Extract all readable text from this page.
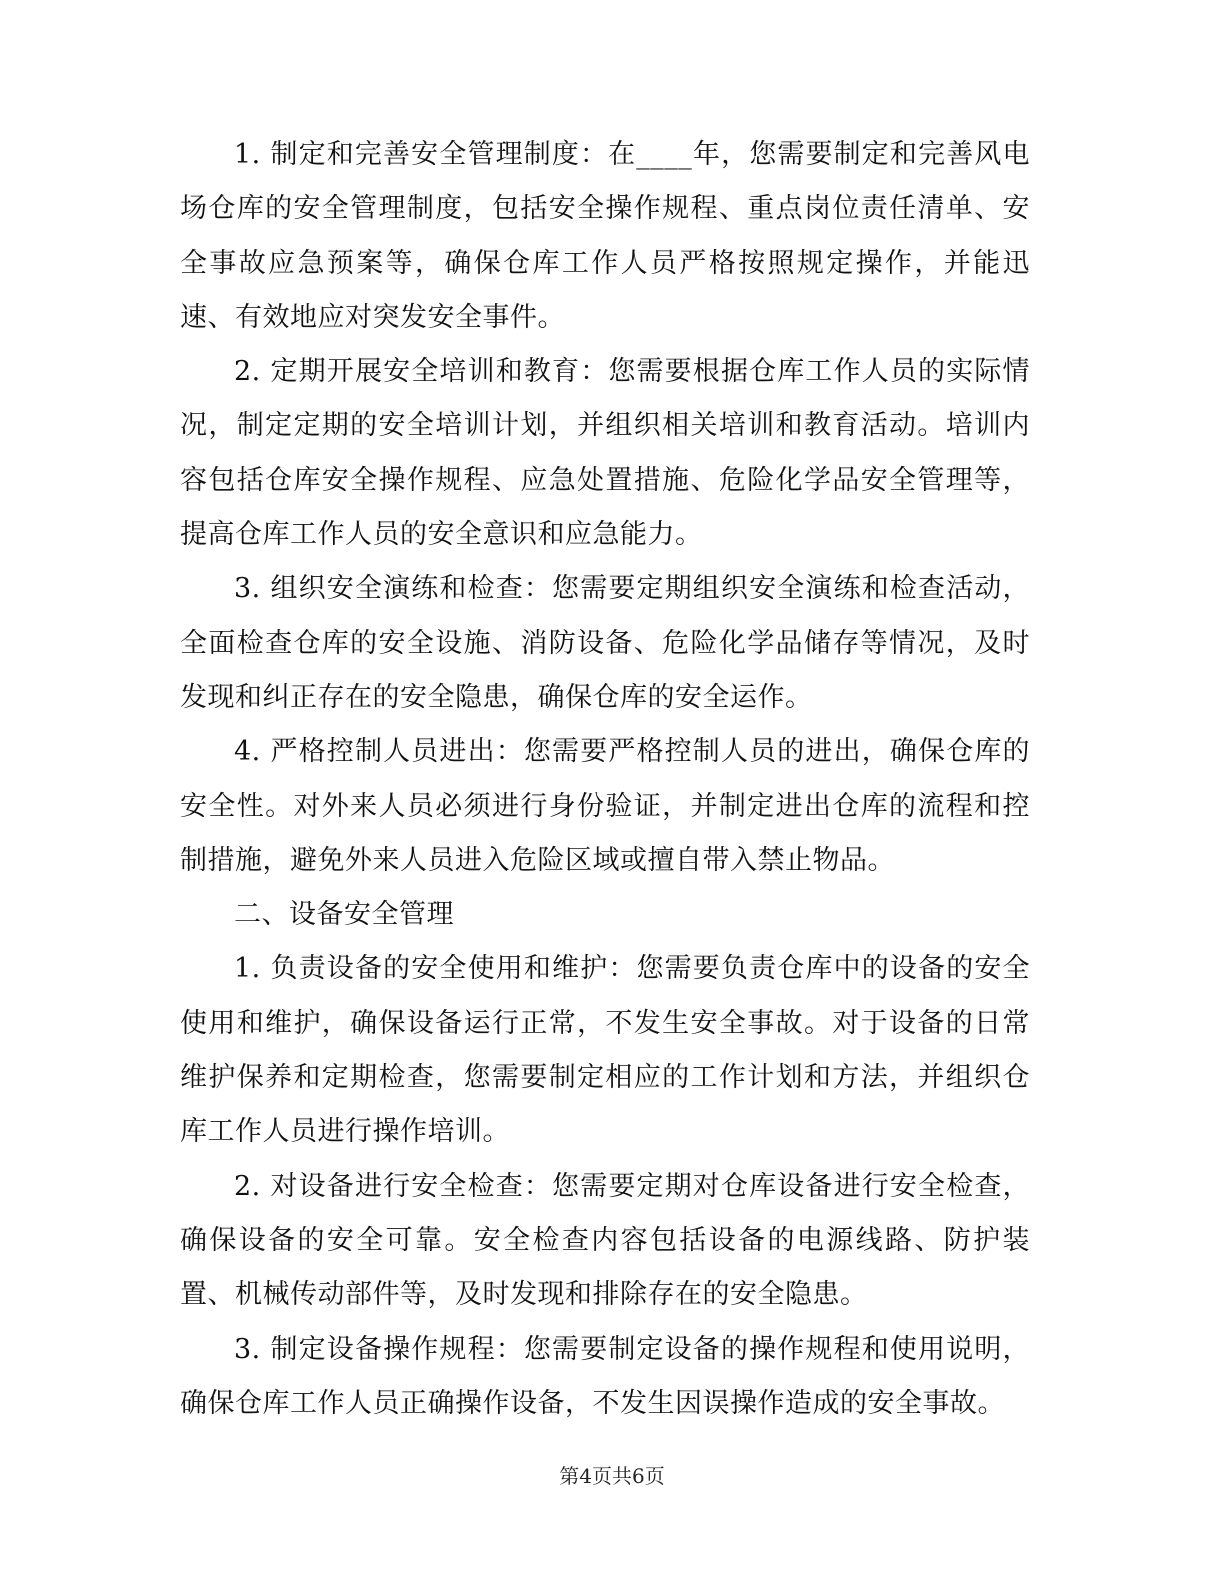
1. 制定和完善安全管理制度：在____年，您需要制定和完善风电场仓库的安全管理制度，包括安全操作规程、重点岗位责任清单、安全事故应急预案等，确保仓库工作人员严格按照规定操作，并能迅速、有效地应对突发安全事件。

2. 定期开展安全培训和教育：您需要根据仓库工作人员的实际情况，制定定期的安全培训计划，并组织相关培训和教育活动。培训内容包括仓库安全操作规程、应急处置措施、危险化学品安全管理等，提高仓库工作人员的安全意识和应急能力。

3. 组织安全演练和检查：您需要定期组织安全演练和检查活动，全面检查仓库的安全设施、消防设备、危险化学品储存等情况，及时发现和纠正存在的安全隐患，确保仓库的安全运作。

4. 严格控制人员进出：您需要严格控制人员的进出，确保仓库的安全性。对外来人员必须进行身份验证，并制定进出仓库的流程和控制措施，避免外来人员进入危险区域或擅自带入禁止物品。

二、设备安全管理

1. 负责设备的安全使用和维护：您需要负责仓库中的设备的安全使用和维护，确保设备运行正常，不发生安全事故。对于设备的日常维护保养和定期检查，您需要制定相应的工作计划和方法，并组织仓库工作人员进行操作培训。

2. 对设备进行安全检查：您需要定期对仓库设备进行安全检查，确保设备的安全可靠。安全检查内容包括设备的电源线路、防护装置、机械传动部件等，及时发现和排除存在的安全隐患。

3. 制定设备操作规程：您需要制定设备的操作规程和使用说明，确保仓库工作人员正确操作设备，不发生因误操作造成的安全事故。

第4页共6页
